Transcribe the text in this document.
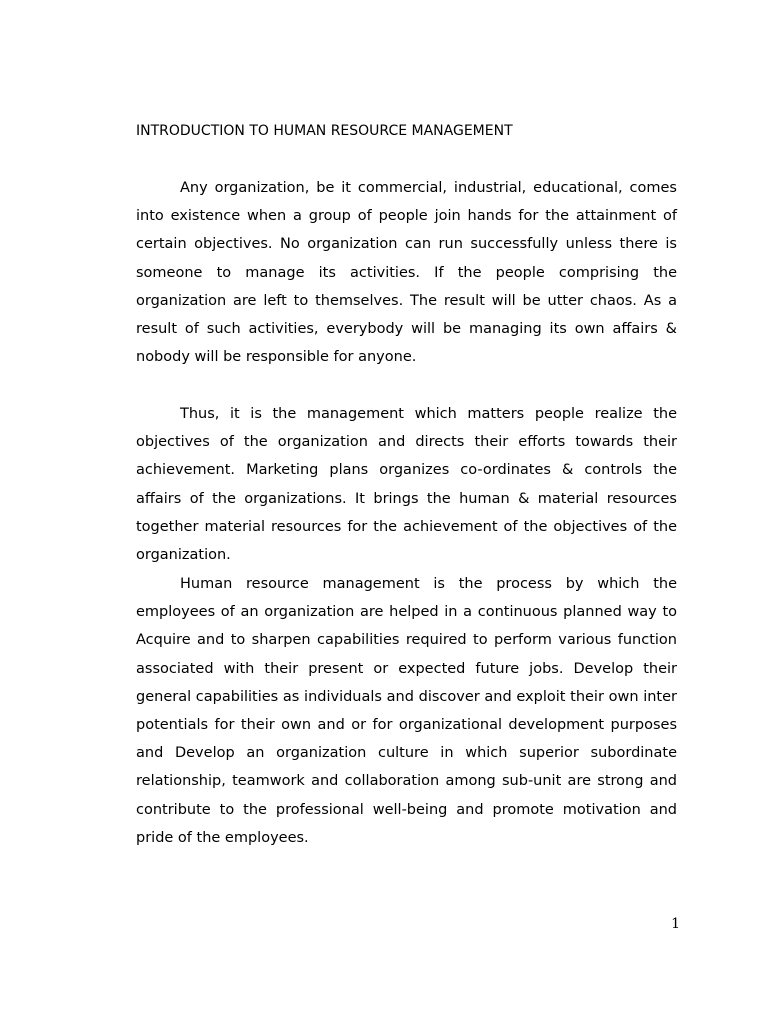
INTRODUCTION TO HUMAN RESOURCE MANAGEMENT

Any organization, be it commercial, industrial, educational, comes into existence when a group of people join hands for the attainment of certain objectives. No organization can run successfully unless there is someone to manage its activities. If the people comprising the organization are left to themselves. The result will be utter chaos. As a result of such activities, everybody will be managing its own affairs & nobody will be responsible for anyone.

Thus, it is the management which matters people realize the objectives of the organization and directs their efforts towards their achievement. Marketing plans organizes co-ordinates & controls the affairs of the organizations. It brings the human & material resources together material resources for the achievement of the objectives of the organization.

Human resource management is the process by which the employees of an organization are helped in a continuous planned way to Acquire and to sharpen capabilities required to perform various function associated with their present or expected future jobs. Develop their general capabilities as individuals and discover and exploit their own inter potentials for their own and or for organizational development purposes and Develop an organization culture in which superior subordinate relationship, teamwork and collaboration among sub-unit are strong and contribute to the professional well-being and promote motivation and pride of the employees.

1
